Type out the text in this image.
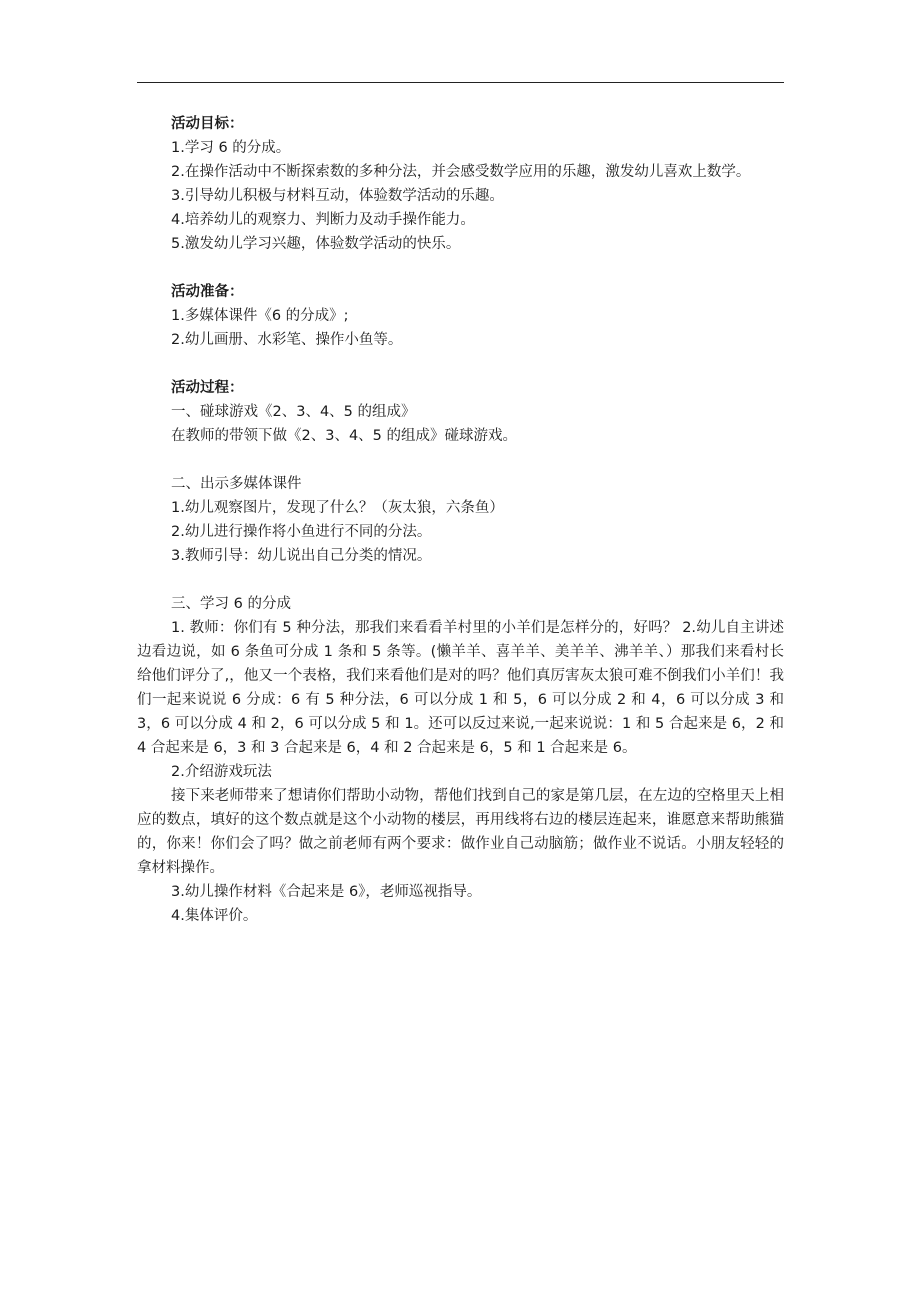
活动目标：

1.学习 6 的分成。

2.在操作活动中不断探索数的多种分法，并会感受数学应用的乐趣，激发幼儿喜欢上数学。

3.引导幼儿积极与材料互动，体验数学活动的乐趣。

4.培养幼儿的观察力、判断力及动手操作能力。

5.激发幼儿学习兴趣，体验数学活动的快乐。

活动准备：

1.多媒体课件《6 的分成》;

2.幼儿画册、水彩笔、操作小鱼等。

活动过程：

一、碰球游戏《2、3、4、5 的组成》

在教师的带领下做《2、3、4、5 的组成》碰球游戏。

二、出示多媒体课件

1.幼儿观察图片，发现了什么？（灰太狼，六条鱼）

2.幼儿进行操作将小鱼进行不同的分法。

3.教师引导：幼儿说出自己分类的情况。

三、学习 6 的分成

1. 教师：你们有 5 种分法，那我们来看看羊村里的小羊们是怎样分的，好吗？ 2.幼儿自主讲述边看边说，如 6 条鱼可分成 1 条和 5 条等。(懒羊羊、喜羊羊、美羊羊、沸羊羊、）那我们来看村长给他们评分了,，他又一个表格，我们来看他们是对的吗？他们真厉害灰太狼可难不倒我们小羊们！我们一起来说说 6 分成：6 有 5 种分法，6 可以分成 1 和 5，6 可以分成 2 和 4，6 可以分成 3 和 3，6 可以分成 4 和 2，6 可以分成 5 和 1。还可以反过来说,一起来说说：1 和 5 合起来是 6，2 和 4 合起来是 6，3 和 3 合起来是 6，4 和 2 合起来是 6，5 和 1 合起来是 6。

2.介绍游戏玩法

接下来老师带来了想请你们帮助小动物，帮他们找到自己的家是第几层，在左边的空格里天上相应的数点，填好的这个数点就是这个小动物的楼层，再用线将右边的楼层连起来，谁愿意来帮助熊猫的，你来！你们会了吗？做之前老师有两个要求：做作业自己动脑筋；做作业不说话。小朋友轻轻的拿材料操作。

3.幼儿操作材料《合起来是 6》，老师巡视指导。

4.集体评价。
